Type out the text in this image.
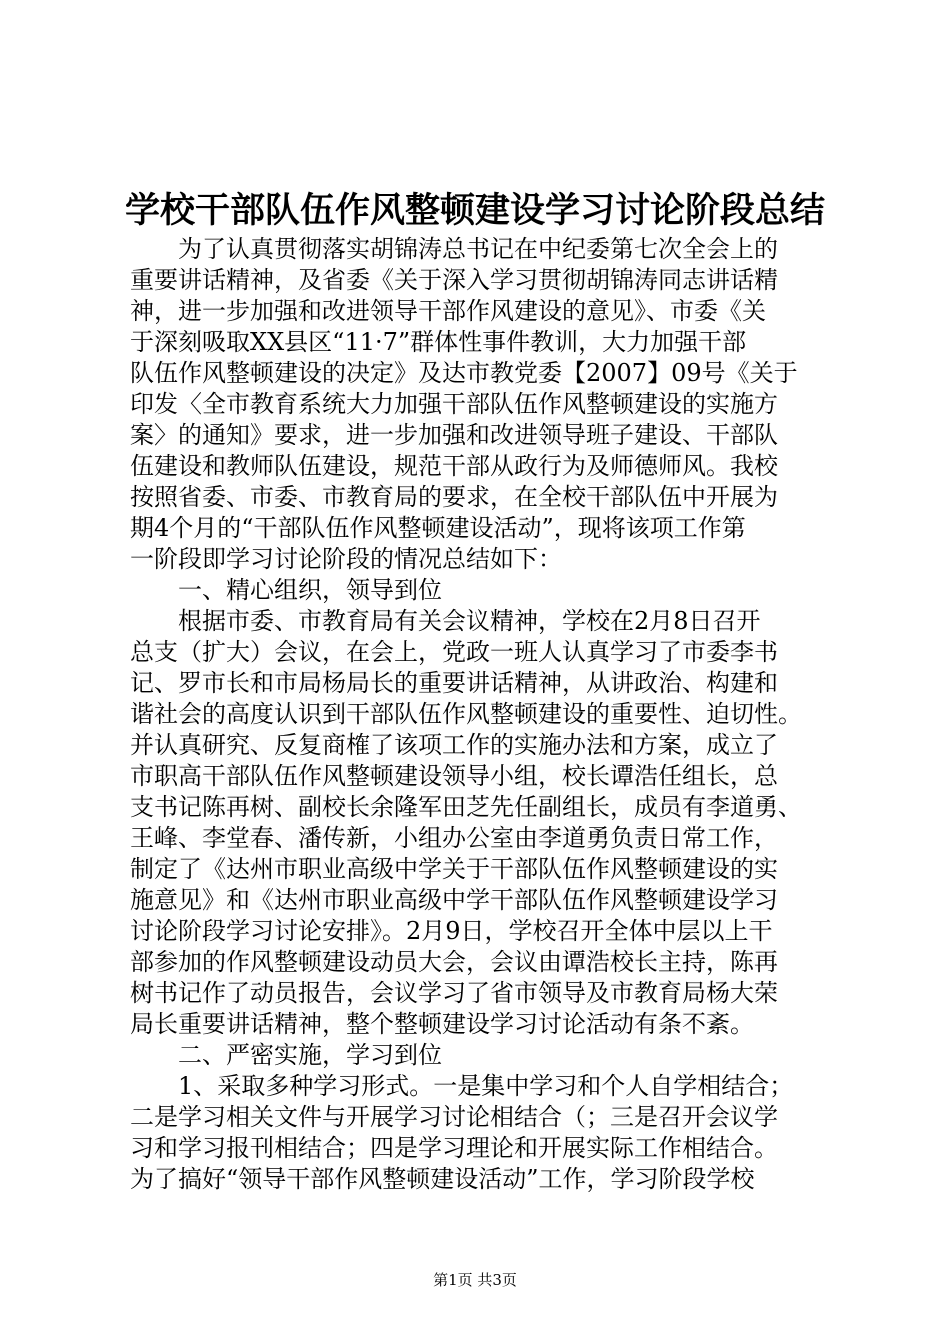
学校干部队伍作风整顿建设学习讨论阶段总结
　　为了认真贯彻落实胡锦涛总书记在中纪委第七次全会上的
重要讲话精神，及省委《关于深入学习贯彻胡锦涛同志讲话精
神，进一步加强和改进领导干部作风建设的意见》、市委《关
于深刻吸取XX县区“11·7”群体性事件教训，大力加强干部
队伍作风整顿建设的决定》及达市教党委【2007】09号《关于
印发〈全市教育系统大力加强干部队伍作风整顿建设的实施方
案〉的通知》要求，进一步加强和改进领导班子建设、干部队
伍建设和教师队伍建设，规范干部从政行为及师德师风。我校
按照省委、市委、市教育局的要求，在全校干部队伍中开展为
期4个月的“干部队伍作风整顿建设活动”，现将该项工作第
一阶段即学习讨论阶段的情况总结如下：
　　一、精心组织，领导到位
　　根据市委、市教育局有关会议精神，学校在2月8日召开
总支（扩大）会议，在会上，党政一班人认真学习了市委李书
记、罗市长和市局杨局长的重要讲话精神，从讲政治、构建和
谐社会的高度认识到干部队伍作风整顿建设的重要性、迫切性。
并认真研究、反复商榷了该项工作的实施办法和方案，成立了
市职高干部队伍作风整顿建设领导小组，校长谭浩任组长，总
支书记陈再树、副校长余隆军田芝先任副组长，成员有李道勇、
王峰、李堂春、潘传新，小组办公室由李道勇负责日常工作，
制定了《达州市职业高级中学关于干部队伍作风整顿建设的实
施意见》和《达州市职业高级中学干部队伍作风整顿建设学习
讨论阶段学习讨论安排》。2月9日，学校召开全体中层以上干
部参加的作风整顿建设动员大会，会议由谭浩校长主持，陈再
树书记作了动员报告，会议学习了省市领导及市教育局杨大荣
局长重要讲话精神，整个整顿建设学习讨论活动有条不紊。
　　二、严密实施，学习到位
　　1、采取多种学习形式。一是集中学习和个人自学相结合；
二是学习相关文件与开展学习讨论相结合（；三是召开会议学
习和学习报刊相结合；四是学习理论和开展实际工作相结合。
为了搞好“领导干部作风整顿建设活动”工作，学习阶段学校
第1页 共3页
